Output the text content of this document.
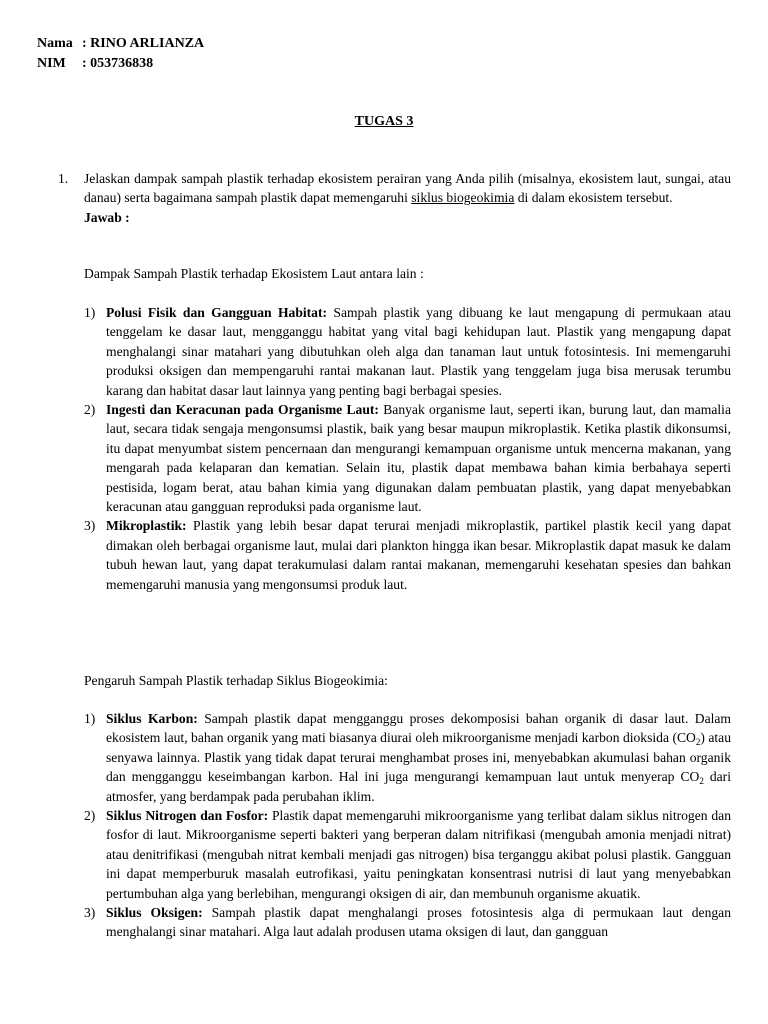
Nama : RINO ARLIANZA
NIM	: 053736838
TUGAS 3
1.	Jelaskan dampak sampah plastik terhadap ekosistem perairan yang Anda pilih (misalnya, ekosistem laut, sungai, atau danau) serta bagaimana sampah plastik dapat memengaruhi siklus biogeokimia di dalam ekosistem tersebut.
Jawab :
Dampak Sampah Plastik terhadap Ekosistem Laut antara lain :
1) Polusi Fisik dan Gangguan Habitat: Sampah plastik yang dibuang ke laut mengapung di permukaan atau tenggelam ke dasar laut, mengganggu habitat yang vital bagi kehidupan laut. Plastik yang mengapung dapat menghalangi sinar matahari yang dibutuhkan oleh alga dan tanaman laut untuk fotosintesis. Ini memengaruhi produksi oksigen dan mempengaruhi rantai makanan laut. Plastik yang tenggelam juga bisa merusak terumbu karang dan habitat dasar laut lainnya yang penting bagi berbagai spesies.
2) Ingesti dan Keracunan pada Organisme Laut: Banyak organisme laut, seperti ikan, burung laut, dan mamalia laut, secara tidak sengaja mengonsumsi plastik, baik yang besar maupun mikroplastik. Ketika plastik dikonsumsi, itu dapat menyumbat sistem pencernaan dan mengurangi kemampuan organisme untuk mencerna makanan, yang mengarah pada kelaparan dan kematian. Selain itu, plastik dapat membawa bahan kimia berbahaya seperti pestisida, logam berat, atau bahan kimia yang digunakan dalam pembuatan plastik, yang dapat menyebabkan keracunan atau gangguan reproduksi pada organisme laut.
3) Mikroplastik: Plastik yang lebih besar dapat terurai menjadi mikroplastik, partikel plastik kecil yang dapat dimakan oleh berbagai organisme laut, mulai dari plankton hingga ikan besar. Mikroplastik dapat masuk ke dalam tubuh hewan laut, yang dapat terakumulasi dalam rantai makanan, memengaruhi kesehatan spesies dan bahkan memengaruhi manusia yang mengonsumsi produk laut.
Pengaruh Sampah Plastik terhadap Siklus Biogeokimia:
1) Siklus Karbon: Sampah plastik dapat mengganggu proses dekomposisi bahan organik di dasar laut. Dalam ekosistem laut, bahan organik yang mati biasanya diurai oleh mikroorganisme menjadi karbon dioksida $(CO_2)$ atau senyawa lainnya. Plastik yang tidak dapat terurai menghambat proses ini, menyebabkan akumulasi bahan organik dan mengganggu keseimbangan karbon. Hal ini juga mengurangi kemampuan laut untuk menyerap $CO_2$ dari atmosfer, yang berdampak pada perubahan iklim.
2) Siklus Nitrogen dan Fosfor: Plastik dapat memengaruhi mikroorganisme yang terlibat dalam siklus nitrogen dan fosfor di laut. Mikroorganisme seperti bakteri yang berperan dalam nitrifikasi (mengubah amonia menjadi nitrat) atau denitrifikasi (mengubah nitrat kembali menjadi gas nitrogen) bisa terganggu akibat polusi plastik. Gangguan ini dapat memperburuk masalah eutrofikasi, yaitu peningkatan konsentrasi nutrisi di laut yang menyebabkan pertumbuhan alga yang berlebihan, mengurangi oksigen di air, dan membunuh organisme akuatik.
3) Siklus Oksigen: Sampah plastik dapat menghalangi proses fotosintesis alga di permukaan laut dengan menghalangi sinar matahari. Alga laut adalah produsen utama oksigen di laut, dan gangguan
